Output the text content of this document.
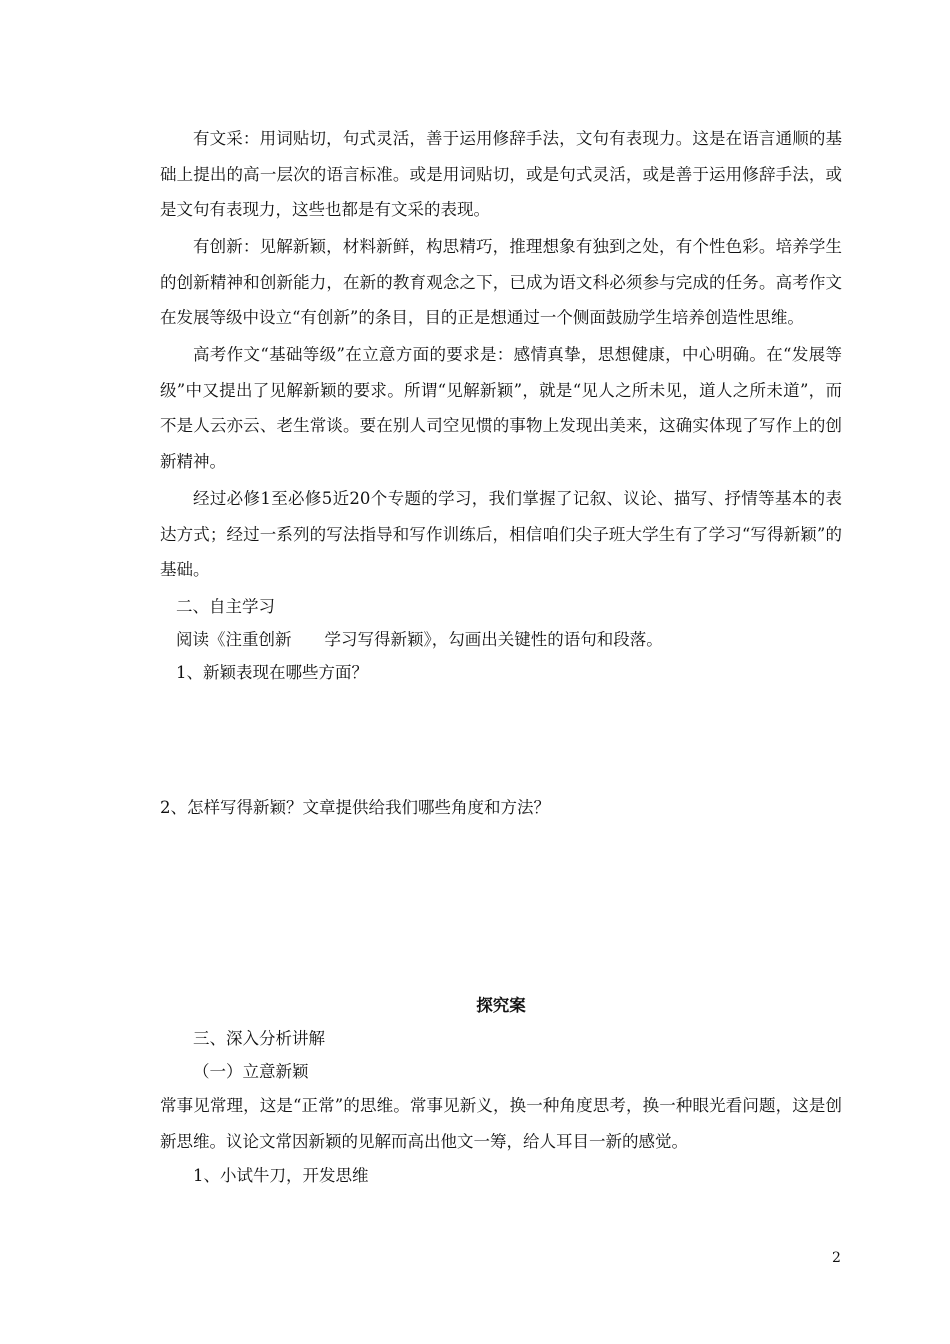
有文采：用词贴切，句式灵活，善于运用修辞手法，文句有表现力。这是在语言通顺的基础上提出的高一层次的语言标准。或是用词贴切，或是句式灵活，或是善于运用修辞手法，或是文句有表现力，这些也都是有文采的表现。

有创新：见解新颖，材料新鲜，构思精巧，推理想象有独到之处，有个性色彩。培养学生的创新精神和创新能力，在新的教育观念之下，已成为语文科必须参与完成的任务。高考作文在发展等级中设立“有创新”的条目，目的正是想通过一个侧面鼓励学生培养创造性思维。

高考作文“基础等级”在立意方面的要求是：感情真挚，思想健康，中心明确。在“发展等级”中又提出了见解新颖的要求。所谓“见解新颖”，就是“见人之所未见，道人之所未道”，而不是人云亦云、老生常谈。要在别人司空见惯的事物上发现出美来，这确实体现了写作上的创新精神。

经过必修1至必修5近20个专题的学习，我们掌握了记叙、议论、描写、抒情等基本的表达方式；经过一系列的写法指导和写作训练后，相信咱们尖子班大学生有了学习“写得新颖”的基础。

二、自主学习

阅读《注重创新　　学习写得新颖》，勾画出关键性的语句和段落。

1、新颖表现在哪些方面？

2、怎样写得新颖？文章提供给我们哪些角度和方法？

探究案

三、深入分析讲解

（一）立意新颖

常事见常理，这是“正常”的思维。常事见新义，换一种角度思考，换一种眼光看问题，这是创新思维。议论文常因新颖的见解而高出他文一筹，给人耳目一新的感觉。

1、小试牛刀，开发思维

2
